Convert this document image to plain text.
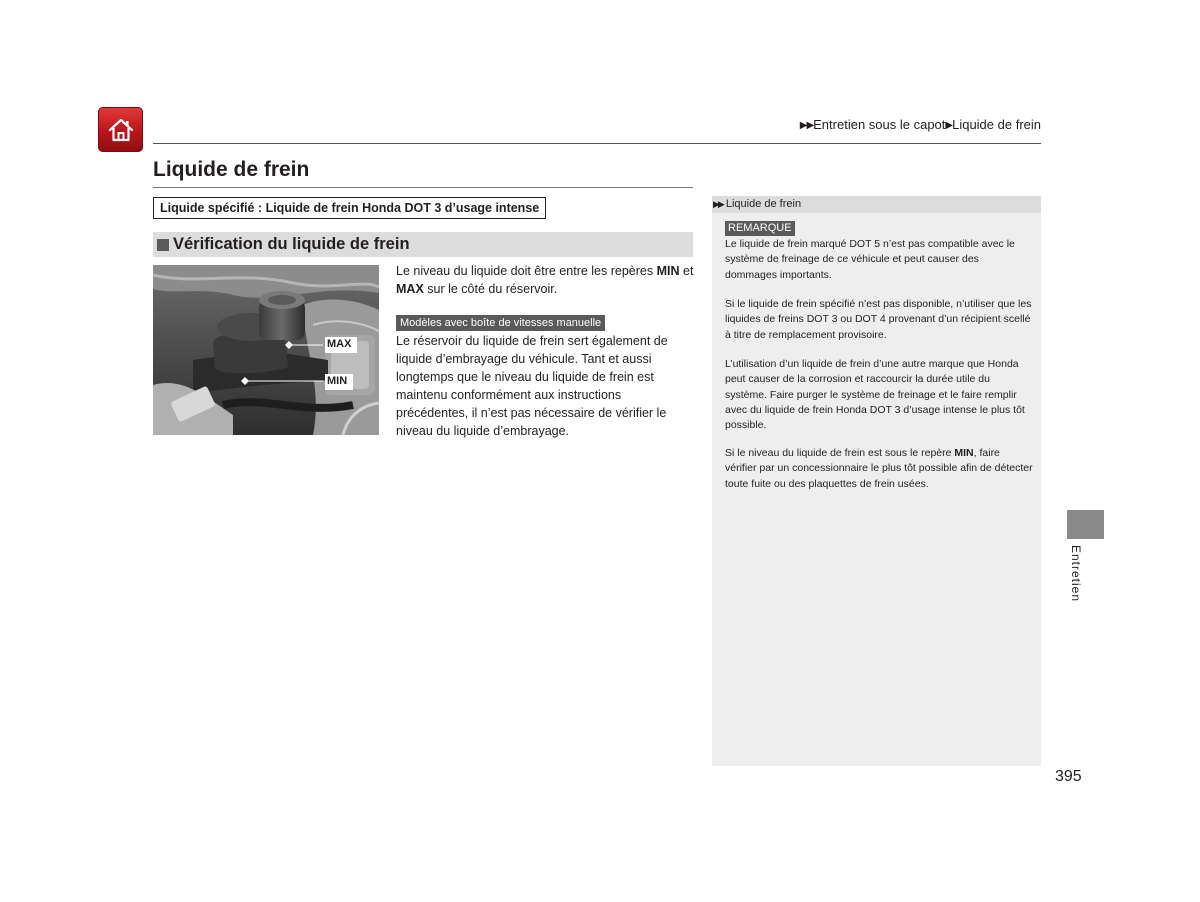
▶▶Entretien sous le capot▶Liquide de frein
Liquide de frein
Liquide spécifié : Liquide de frein Honda DOT 3 d’usage intense
Vérification du liquide de frein
MAX
MIN
Le niveau du liquide doit être entre les repères MIN et MAX sur le côté du réservoir.
Modèles avec boîte de vitesses manuelle
Le réservoir du liquide de frein sert également de liquide d’embrayage du véhicule. Tant et aussi longtemps que le niveau du liquide de frein est maintenu conformément aux instructions précédentes, il n’est pas nécessaire de vérifier le niveau du liquide d’embrayage.
▶▶ Liquide de frein
REMARQUE
Le liquide de frein marqué DOT 5 n’est pas compatible avec le système de freinage de ce véhicule et peut causer des dommages importants.
Si le liquide de frein spécifié n’est pas disponible, n’utiliser que les liquides de freins DOT 3 ou DOT 4 provenant d’un récipient scellé à titre de remplacement provisoire.
L’utilisation d’un liquide de frein d’une autre marque que Honda peut causer de la corrosion et raccourcir la durée utile du système. Faire purger le système de freinage et le faire remplir avec du liquide de frein Honda DOT 3 d’usage intense le plus tôt possible.
Si le niveau du liquide de frein est sous le repère MIN, faire vérifier par un concessionnaire le plus tôt possible afin de détecter toute fuite ou des plaquettes de frein usées.
Entretien
395
